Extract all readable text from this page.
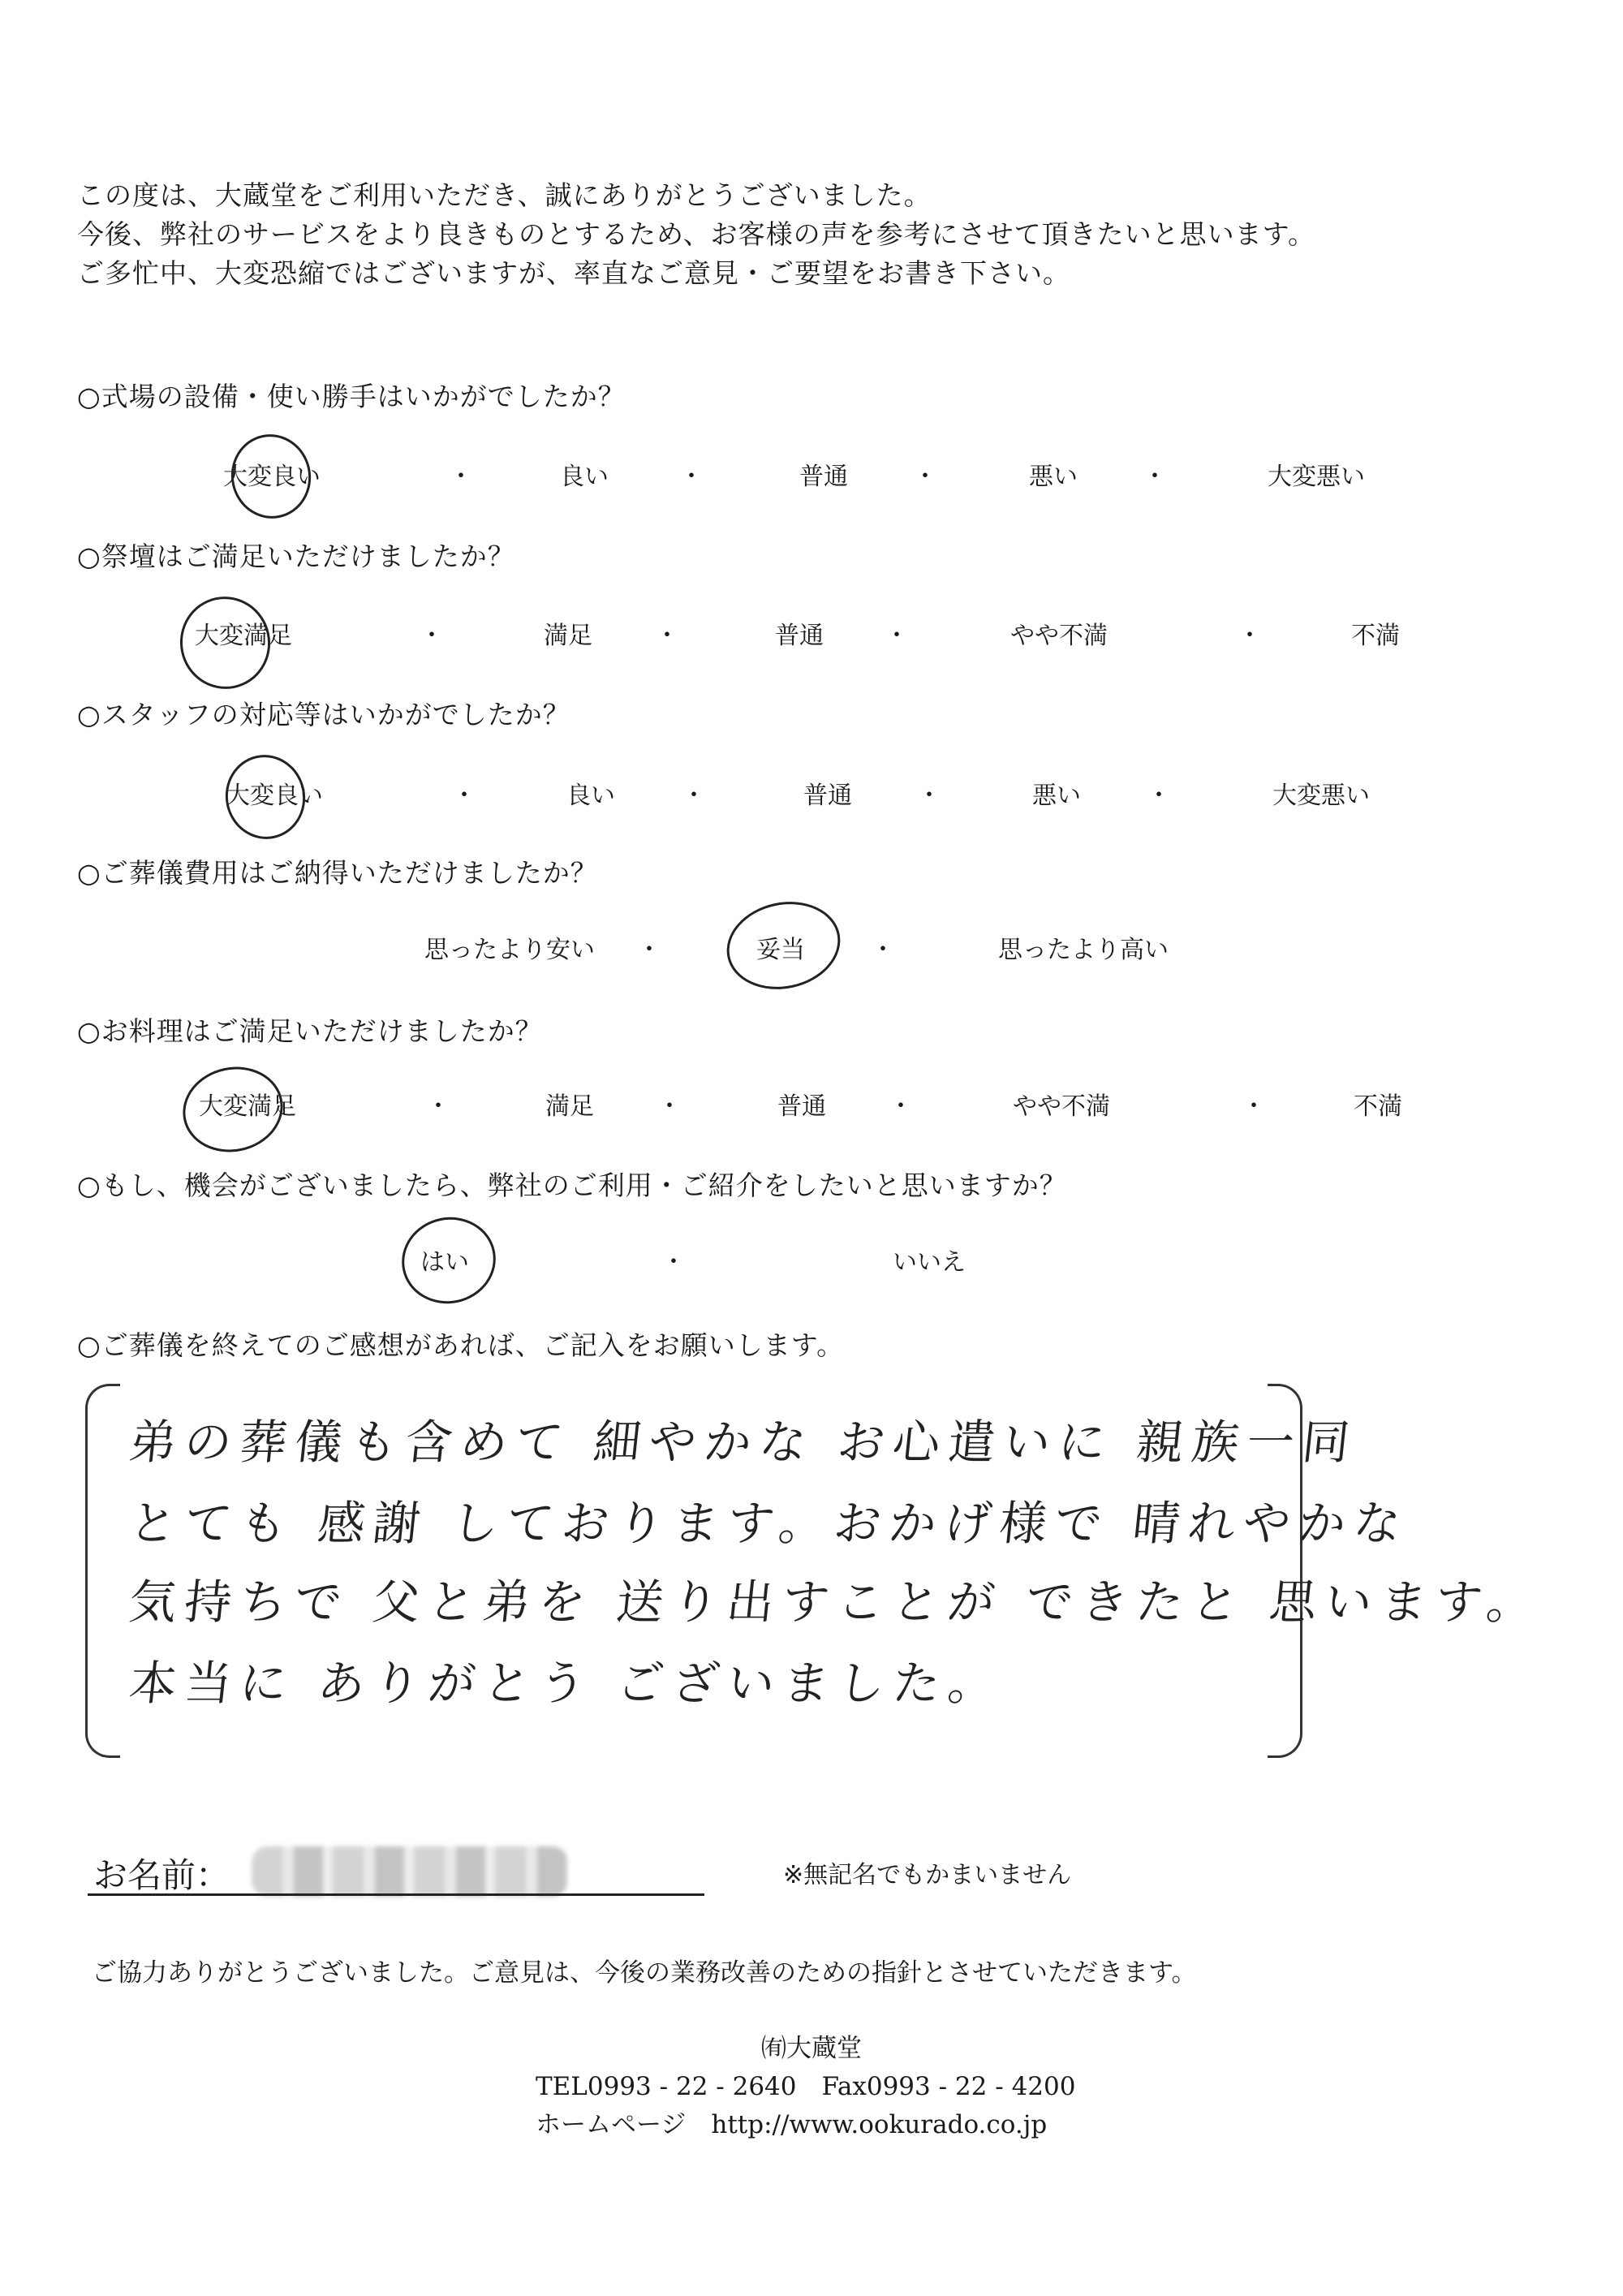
この度は、大蔵堂をご利用いただき、誠にありがとうございました。
今後、弊社のサービスをより良きものとするため、お客様の声を参考にさせて頂きたいと思います。
ご多忙中、大変恐縮ではございますが、率直なご意見・ご要望をお書き下さい。
○式場の設備・使い勝手はいかがでしたか？
大変良い	・	良い	・	普通	・	悪い	・	大変悪い
○祭壇はご満足いただけましたか？
大変満足	・	満足	・	普通	・	やや不満	・	不満
○スタッフの対応等はいかがでしたか？
大変良い	・	良い	・	普通	・	悪い	・	大変悪い
○ご葬儀費用はご納得いただけましたか？
思ったより安い ・	妥当	・	思ったより高い
○お料理はご満足いただけましたか？
大変満足	・	満足	・	普通	・	やや不満	・	不満
○もし、機会がございましたら、弊社のご利用・ご紹介をしたいと思いますか？
はい	・	いいえ
○ご葬儀を終えてのご感想があれば、ご記入をお願いします。
弟の葬儀も含めて 細やかな お心遣いに 親族一同
とても 感謝 しております。おかげ様で 晴れやかな
気持ちで 父と弟を 送り出すことが できたと 思います。
本当に ありがとう ございました。
お名前：	※無記名でもかまいません
ご協力ありがとうございました。ご意見は、今後の業務改善のための指針とさせていただきます。
㈲大蔵堂
TEL0993 - 22 - 2640　Fax0993 - 22 - 4200
ホームページ　http://www.ookurado.co.jp
